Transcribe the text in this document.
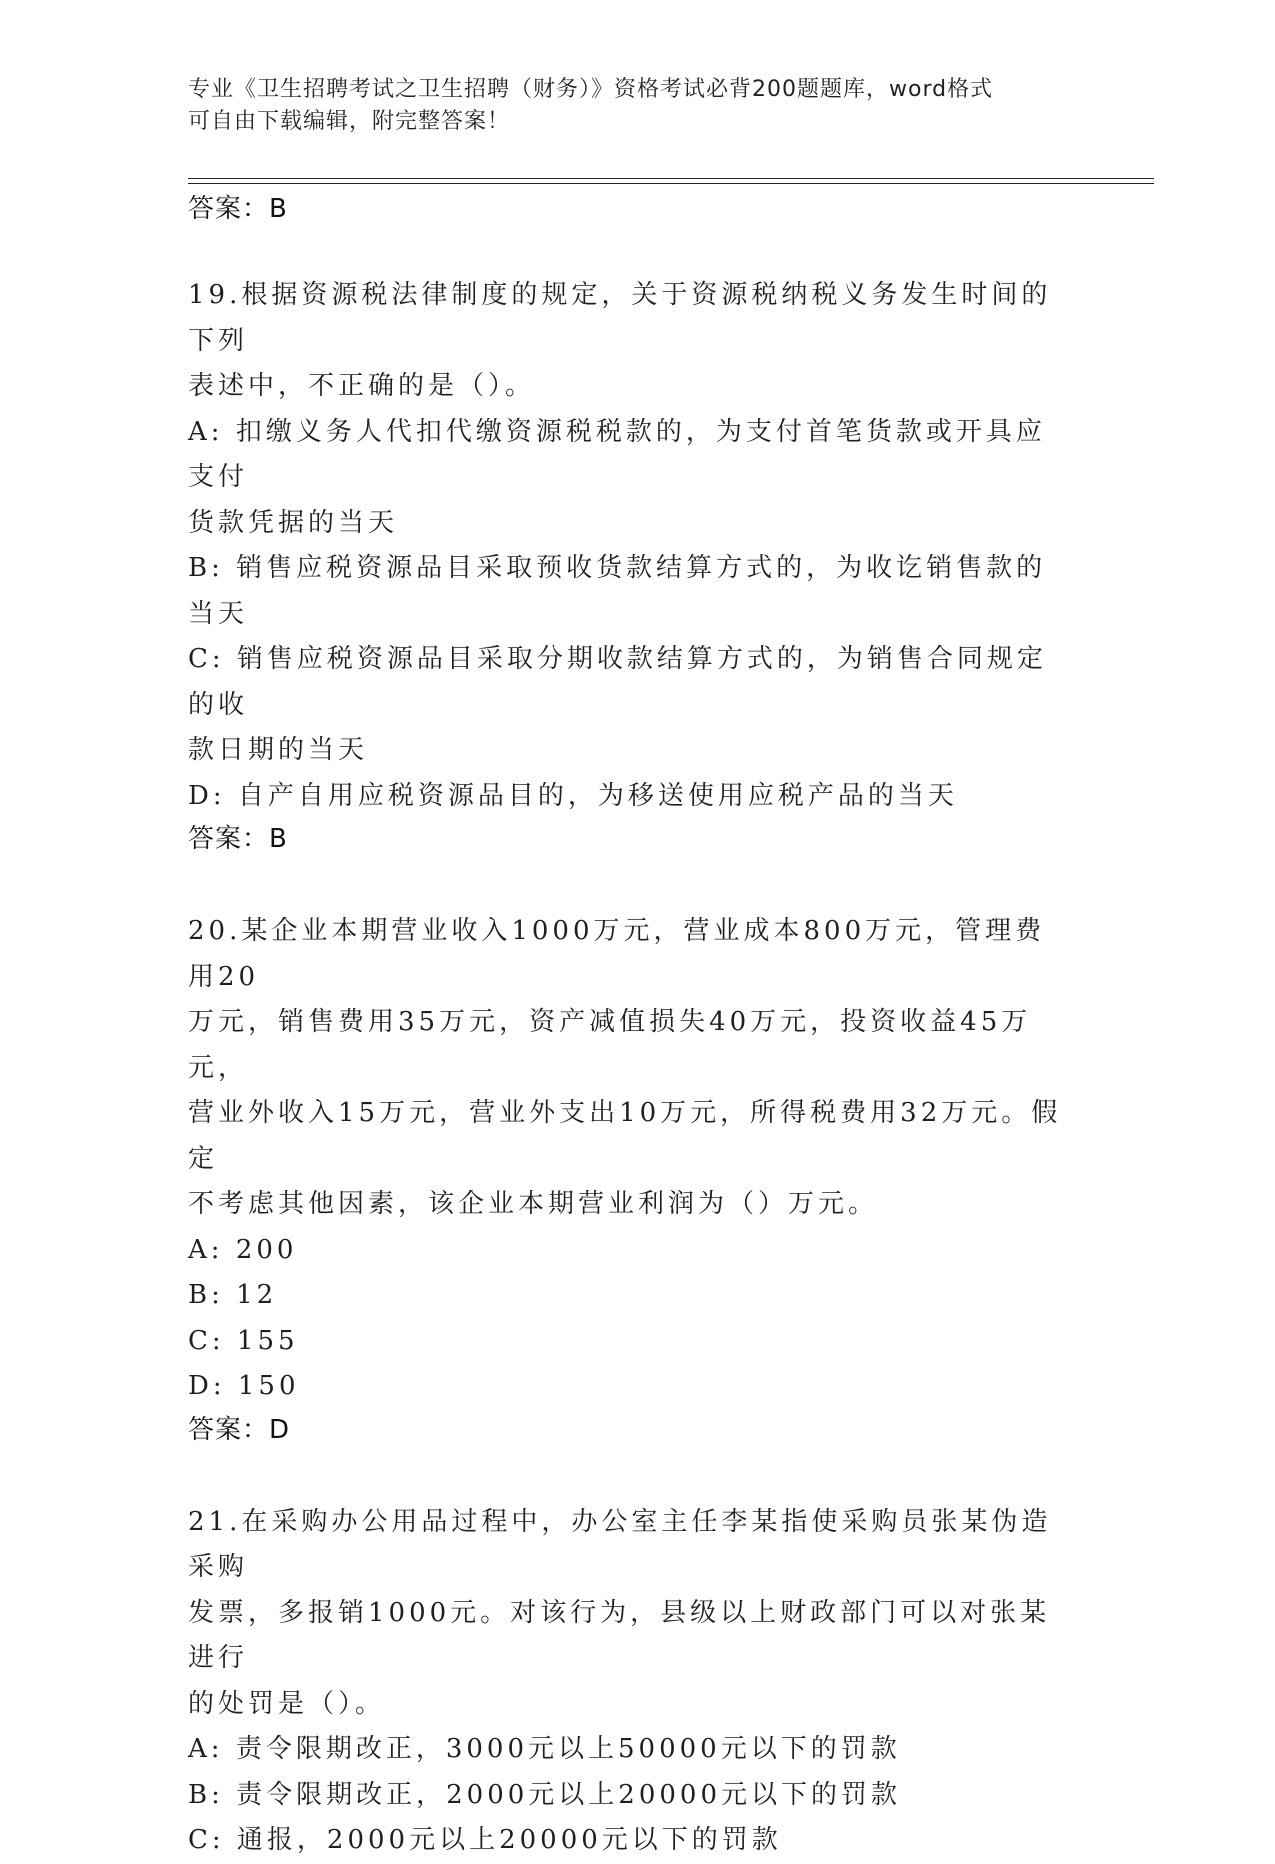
专业《卫生招聘考试之卫生招聘（财务）》资格考试必背200题题库，word格式
可自由下载编辑，附完整答案！
答案：B
19.根据资源税法律制度的规定，关于资源税纳税义务发生时间的下列
表述中，不正确的是（）。
A: 扣缴义务人代扣代缴资源税税款的，为支付首笔货款或开具应支付
货款凭据的当天
B: 销售应税资源品目采取预收货款结算方式的，为收讫销售款的当天
C: 销售应税资源品目采取分期收款结算方式的，为销售合同规定的收
款日期的当天
D: 自产自用应税资源品目的，为移送使用应税产品的当天
答案：B
20.某企业本期营业收入1000万元，营业成本800万元，管理费用20
万元，销售费用35万元，资产减值损失40万元，投资收益45万元，
营业外收入15万元，营业外支出10万元，所得税费用32万元。假定
不考虑其他因素，该企业本期营业利润为（）万元。
A: 200
B: 12
C: 155
D: 150
答案：D
21.在采购办公用品过程中，办公室主任李某指使采购员张某伪造采购
发票，多报销1000元。对该行为，县级以上财政部门可以对张某进行
的处罚是（）。
A: 责令限期改正，3000元以上50000元以下的罚款
B: 责令限期改正，2000元以上20000元以下的罚款
C: 通报，2000元以上20000元以下的罚款
